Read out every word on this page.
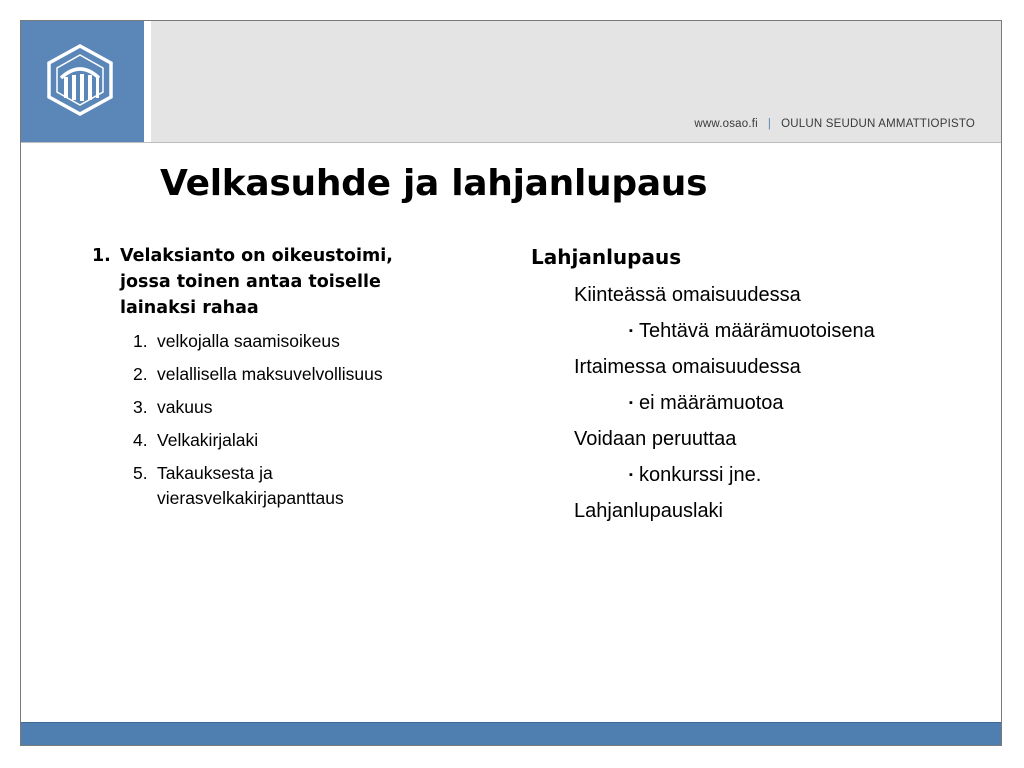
www.osao.fi | OULUN SEUDUN AMMATTIOPISTO
Velkasuhde ja lahjanlupaus
1. Velaksianto on oikeustoimi, jossa toinen antaa toiselle lainaksi rahaa
1. velkojalla saamisoikeus
2. velallisella maksuvelvollisuus
3. vakuus
4. Velkakirjalaki
5. Takauksesta ja vierasvelkakirjapanttaus
Lahjanlupaus
Kiinteässä omaisuudessa
▪ Tehtävä määrämuotoisena
Irtaimessa omaisuudessa
▪ ei määrämuotoa
Voidaan peruuttaa
▪ konkurssi jne.
Lahjanlupauslaki
